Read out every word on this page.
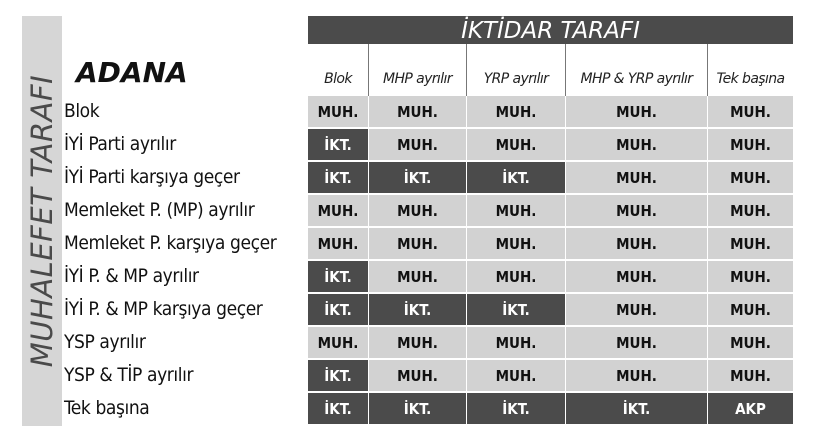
MUHALEFET TARAFI
İKTİDAR TARAFI
ADANA	Blok	MHP ayrılır	YRP ayrılır	MHP & YRP ayrılır	Tek başına
Blok	MUH.	MUH.	MUH.	MUH.	MUH.
İYİ Parti ayrılır	İKT.	MUH.	MUH.	MUH.	MUH.
İYİ Parti karşıya geçer	İKT.	İKT.	İKT.	MUH.	MUH.
Memleket P. (MP) ayrılır	MUH.	MUH.	MUH.	MUH.	MUH.
Memleket P. karşıya geçer	MUH.	MUH.	MUH.	MUH.	MUH.
İYİ P. & MP ayrılır	İKT.	MUH.	MUH.	MUH.	MUH.
İYİ P. & MP karşıya geçer	İKT.	İKT.	İKT.	MUH.	MUH.
YSP ayrılır	MUH.	MUH.	MUH.	MUH.	MUH.
YSP & TİP ayrılır	İKT.	MUH.	MUH.	MUH.	MUH.
Tek başına	İKT.	İKT.	İKT.	İKT.	AKP
